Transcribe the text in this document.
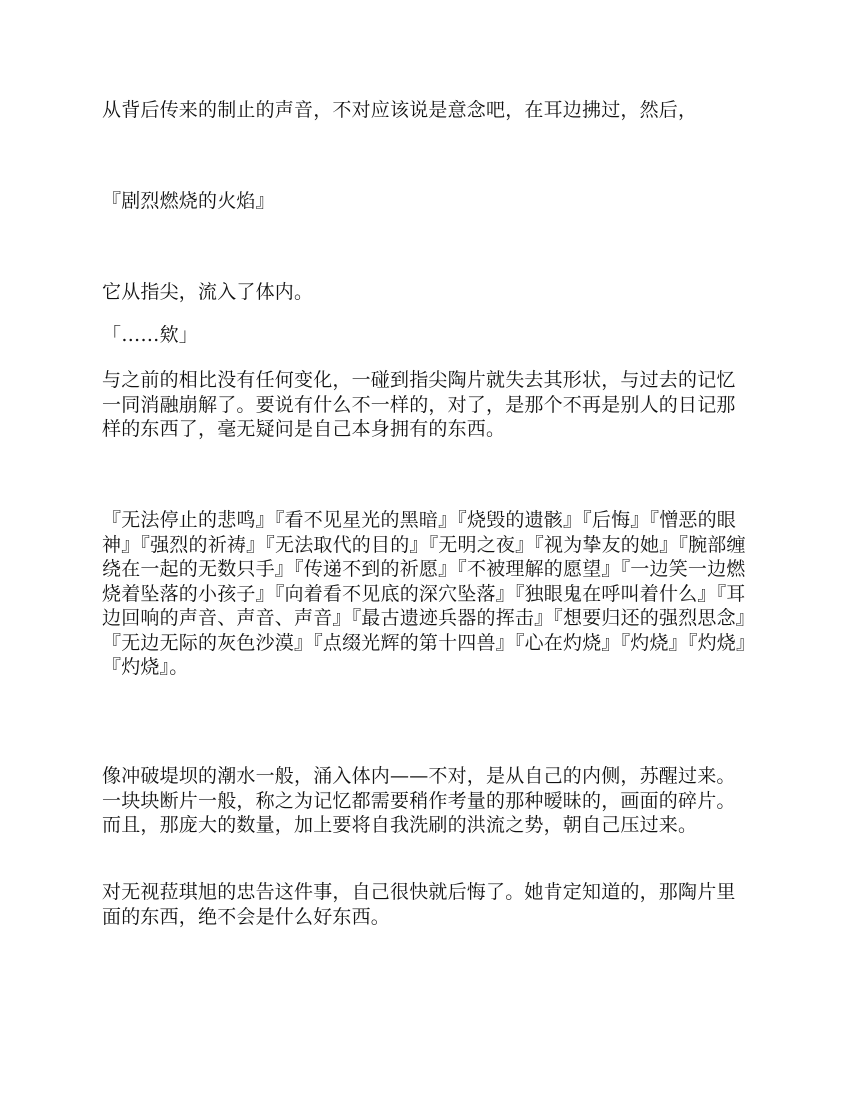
从背后传来的制止的声音，不对应该说是意念吧，在耳边拂过，然后，

『剧烈燃烧的火焰』

它从指尖，流入了体内。

「……欸」

与之前的相比没有任何变化，一碰到指尖陶片就失去其形状，与过去的记忆一同消融崩解了。要说有什么不一样的，对了，是那个不再是别人的日记那样的东西了，毫无疑问是自己本身拥有的东西。

『无法停止的悲鸣』『看不见星光的黑暗』『烧毁的遗骸』『后悔』『憎恶的眼神』『强烈的祈祷』『无法取代的目的』『无明之夜』『视为挚友的她』『腕部缠绕在一起的无数只手』『传递不到的祈愿』『不被理解的愿望』『一边笑一边燃烧着坠落的小孩子』『向着看不见底的深穴坠落』『独眼鬼在呼叫着什么』『耳边回响的声音、声音、声音』『最古遗迹兵器的挥击』『想要归还的强烈思念』『无边无际的灰色沙漠』『点缀光辉的第十四兽』『心在灼烧』『灼烧』『灼烧』『灼烧』。

像冲破堤坝的潮水一般，涌入体内——不对，是从自己的内侧，苏醒过来。一块块断片一般，称之为记忆都需要稍作考量的那种暧昧的，画面的碎片。而且，那庞大的数量，加上要将自我洗刷的洪流之势，朝自己压过来。

对无视菈琪旭的忠告这件事，自己很快就后悔了。她肯定知道的，那陶片里面的东西，绝不会是什么好东西。
